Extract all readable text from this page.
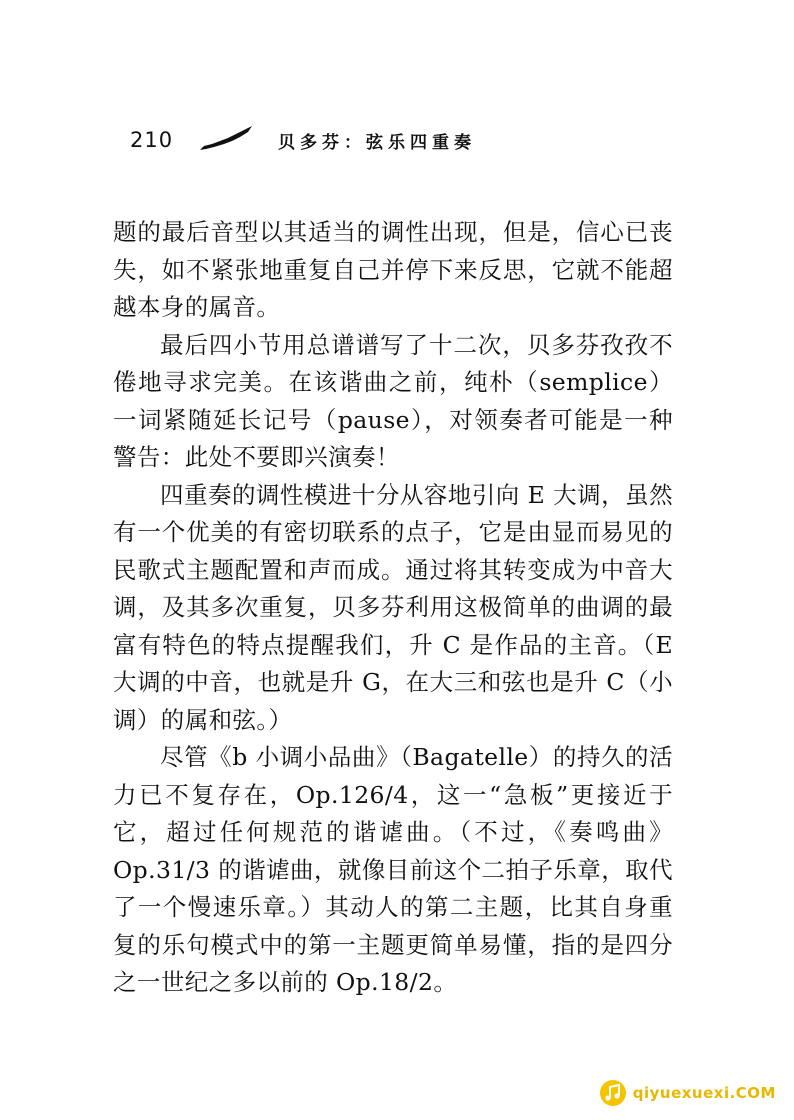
210	贝多芬：弦乐四重奏

题的最后音型以其适当的调性出现，但是，信心已丧失，如不紧张地重复自己并停下来反思，它就不能超越本身的属音。

最后四小节用总谱谱写了十二次，贝多芬孜孜不倦地寻求完美。在该谐曲之前，纯朴（semplice）一词紧随延长记号（pause），对领奏者可能是一种警告：此处不要即兴演奏！

四重奏的调性模进十分从容地引向 E 大调，虽然有一个优美的有密切联系的点子，它是由显而易见的民歌式主题配置和声而成。通过将其转变成为中音大调，及其多次重复，贝多芬利用这极简单的曲调的最富有特色的特点提醒我们，升 C 是作品的主音。（E 大调的中音，也就是升 G，在大三和弦也是升 C（小调）的属和弦。）

尽管《b 小调小品曲》（Bagatelle）的持久的活力已不复存在，Op.126/4，这一“急板”更接近于它，超过任何规范的谐谑曲。（不过，《奏鸣曲》Op.31/3 的谐谑曲，就像目前这个二拍子乐章，取代了一个慢速乐章。）其动人的第二主题，比其自身重复的乐句模式中的第一主题更简单易懂，指的是四分之一世纪之多以前的 Op.18/2。

qiyuexuexi.COM
